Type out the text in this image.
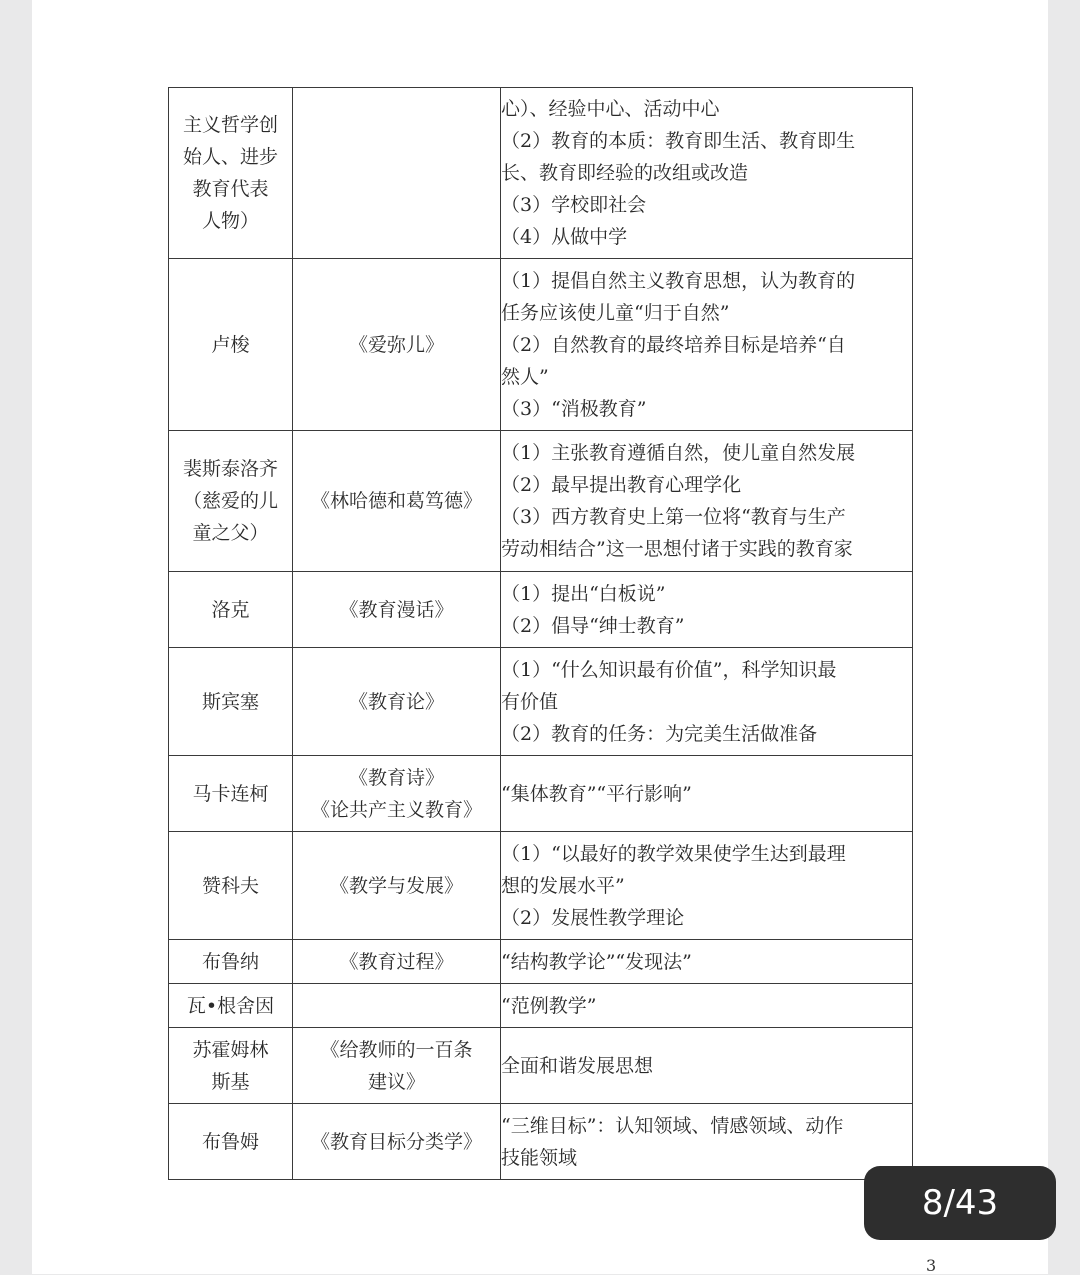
主义哲学创
始人、进步
教育代表
人物）		心）、经验中心、活动中心
（2）教育的本质：教育即生活、教育即生
长、教育即经验的改组或改造
（3）学校即社会
（4）从做中学

卢梭	《爱弥儿》	（1）提倡自然主义教育思想，认为教育的
任务应该使儿童“归于自然”
（2）自然教育的最终培养目标是培养“自
然人”
（3）“消极教育”

裴斯泰洛齐
（慈爱的儿
童之父）	《林哈德和葛笃德》	（1）主张教育遵循自然，使儿童自然发展
（2）最早提出教育心理学化
（3）西方教育史上第一位将“教育与生产
劳动相结合”这一思想付诸于实践的教育家

洛克	《教育漫话》	（1）提出“白板说”
（2）倡导“绅士教育”

斯宾塞	《教育论》	（1）“什么知识最有价值”，科学知识最
有价值
（2）教育的任务：为完美生活做准备

马卡连柯	《教育诗》
《论共产主义教育》	“集体教育”“平行影响”

赞科夫	《教学与发展》	（1）“以最好的教学效果使学生达到最理
想的发展水平”
（2）发展性教学理论

布鲁纳	《教育过程》	“结构教学论”“发现法”

瓦•根舍因		“范例教学”

苏霍姆林
斯基	《给教师的一百条
建议》	全面和谐发展思想

布鲁姆	《教育目标分类学》	“三维目标”：认知领域、情感领域、动作
技能领域
8/43
3
